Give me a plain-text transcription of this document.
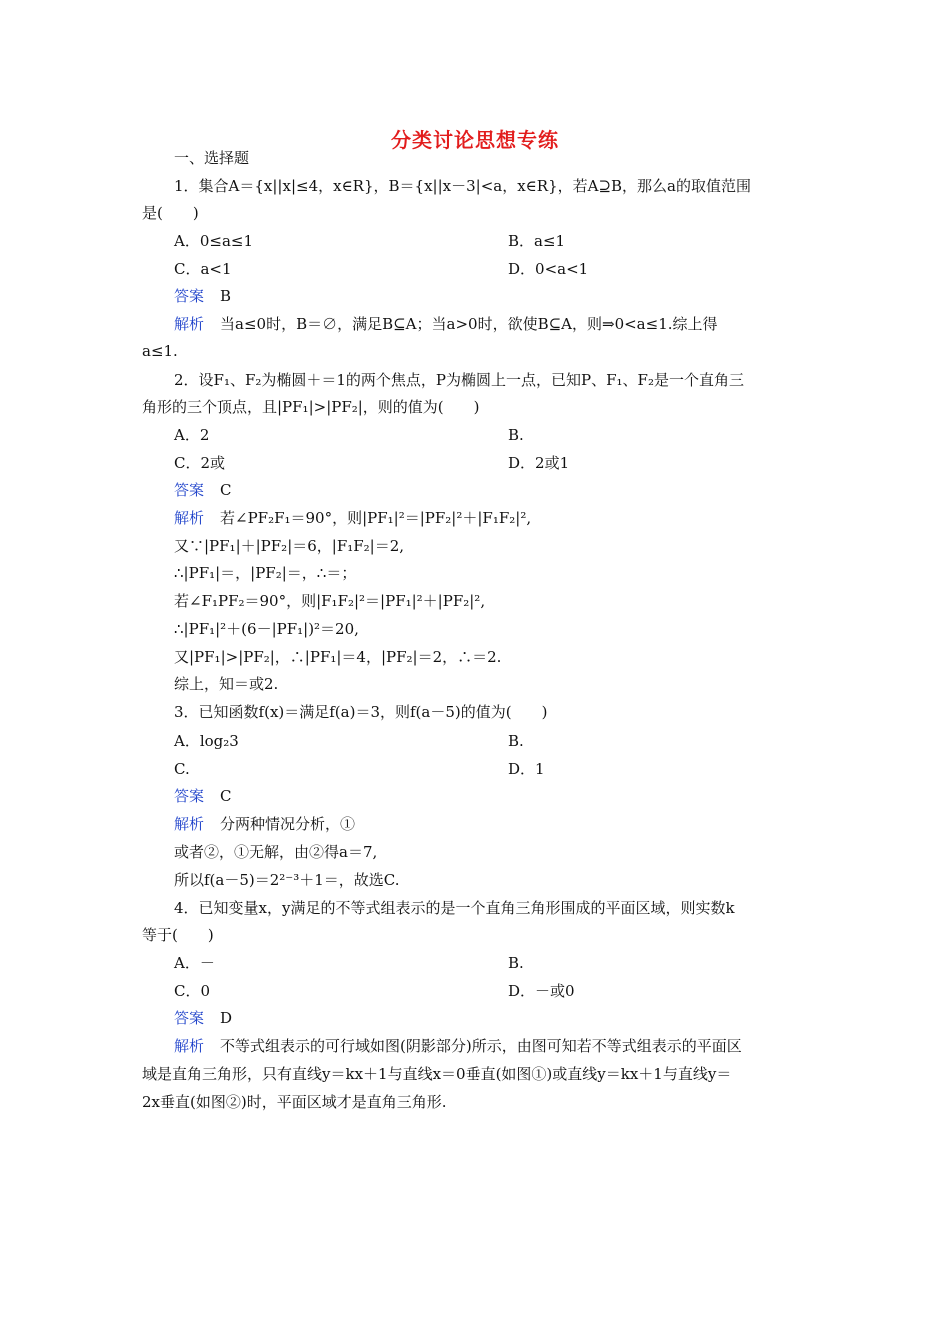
分类讨论思想专练
一、选择题
1．集合A＝{x||x|≤4，x∈R}，B＝{x||x－3|<a，x∈R}，若A⊇B，那么a的取值范围
是(　　)
A．0≤a≤1	B．a≤1
C．a<1	D．0<a<1
答案 B
解析 当a≤0时，B＝∅，满足B⊆A；当a>0时，欲使B⊆A，则⇒0<a≤1.综上得
a≤1.
2．设F₁、F₂为椭圆＋＝1的两个焦点，P为椭圆上一点，已知P、F₁、F₂是一个直角三
角形的三个顶点，且|PF₁|>|PF₂|，则的值为(　　)
A．2	B.
C．2或	D．2或1
答案 C
解析 若∠PF₂F₁＝90°，则|PF₁|²＝|PF₂|²＋|F₁F₂|²,
又∵|PF₁|＋|PF₂|＝6，|F₁F₂|＝2,
∴|PF₁|＝，|PF₂|＝，∴＝；
若∠F₁PF₂＝90°，则|F₁F₂|²＝|PF₁|²＋|PF₂|²,
∴|PF₁|²＋(6－|PF₁|)²＝20,
又|PF₁|>|PF₂|，∴|PF₁|＝4，|PF₂|＝2，∴＝2.
综上，知＝或2.
3．已知函数f(x)＝满足f(a)＝3，则f(a－5)的值为(　　)
A．log₂3	B.
C.	D．1
答案 C
解析 分两种情况分析，①
或者②，①无解，由②得a＝7,
所以f(a－5)＝2²⁻³＋1＝，故选C.
4．已知变量x，y满足的不等式组表示的是一个直角三角形围成的平面区域，则实数k
等于(　　)
A．－	B.
C．0	D．－或0
答案 D
解析 不等式组表示的可行域如图(阴影部分)所示，由图可知若不等式组表示的平面区
域是直角三角形，只有直线y＝kx＋1与直线x＝0垂直(如图①)或直线y＝kx＋1与直线y＝
2x垂直(如图②)时，平面区域才是直角三角形.
